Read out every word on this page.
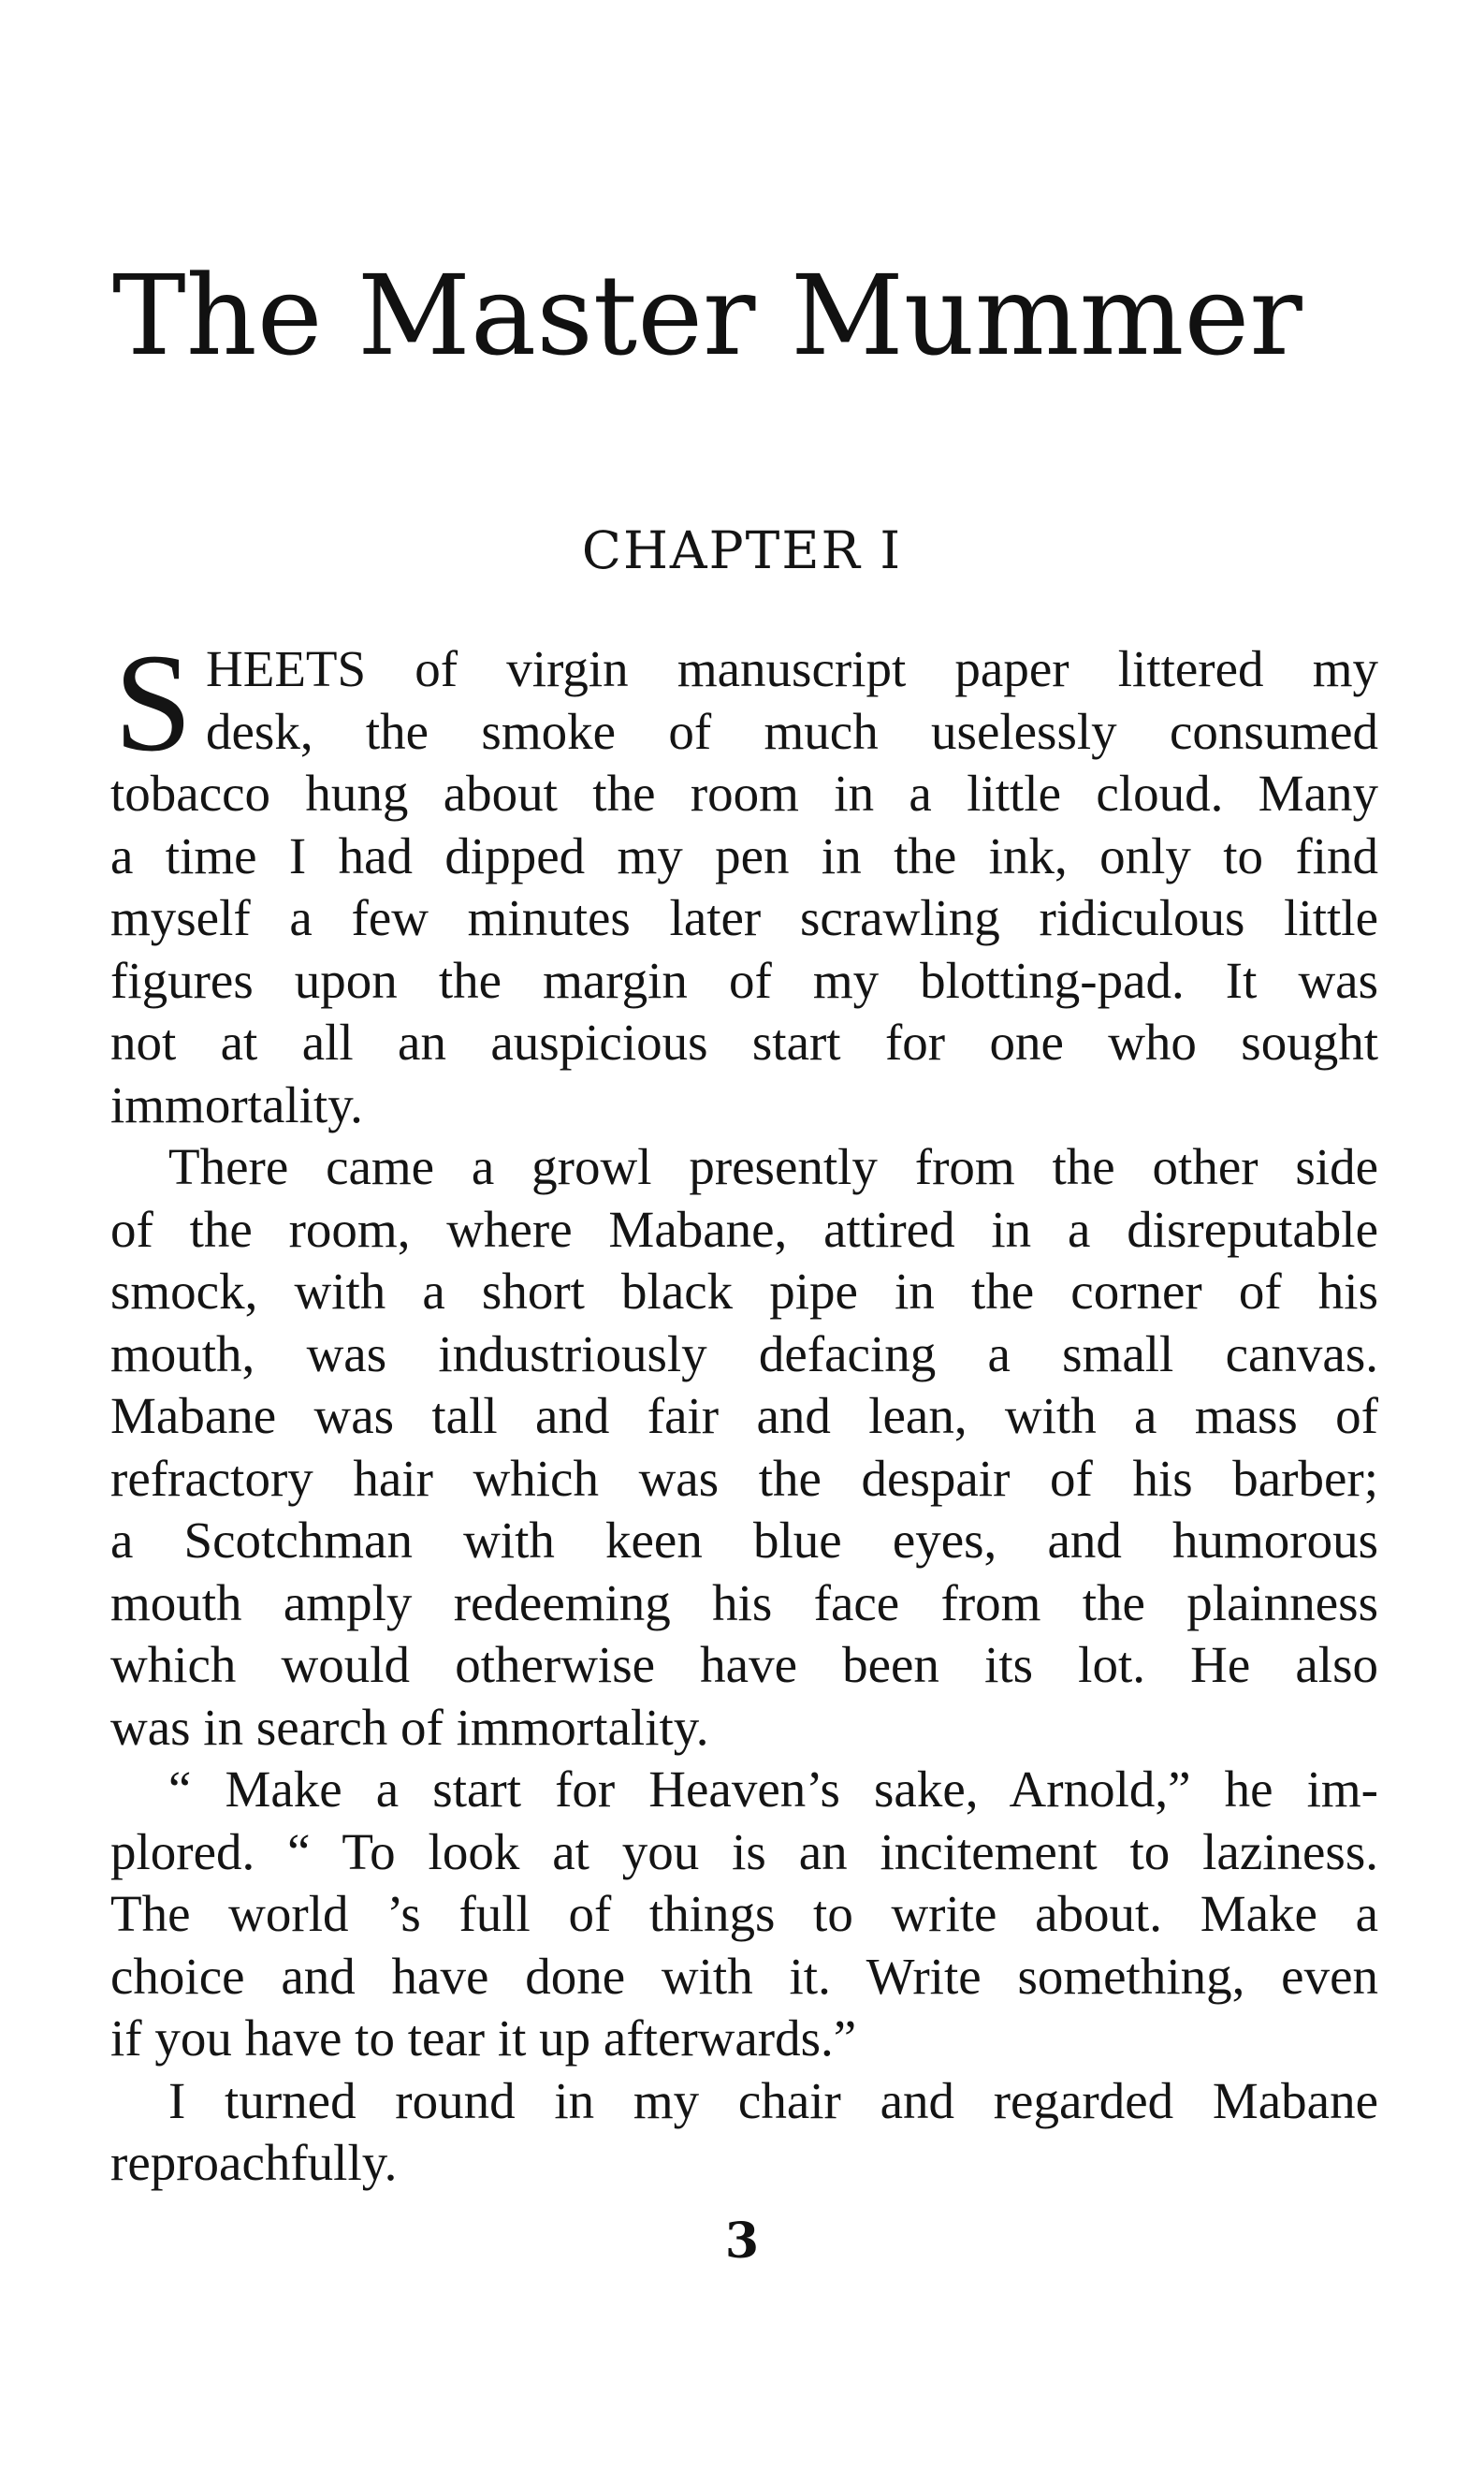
The Master Mummer
CHAPTER I
S HEETS of virgin manuscript paper littered my
desk, the smoke of much uselessly consumed
tobacco hung about the room in a little cloud. Many
a time I had dipped my pen in the ink, only to find
myself a few minutes later scrawling ridiculous little
figures upon the margin of my blotting-pad. It was
not at all an auspicious start for one who sought
immortality.
There came a growl presently from the other side
of the room, where Mabane, attired in a disreputable
smock, with a short black pipe in the corner of his
mouth, was industriously defacing a small canvas.
Mabane was tall and fair and lean, with a mass of
refractory hair which was the despair of his barber;
a Scotchman with keen blue eyes, and humorous
mouth amply redeeming his face from the plainness
which would otherwise have been its lot. He also
was in search of immortality.
“ Make a start for Heaven’s sake, Arnold,” he im-
plored. “ To look at you is an incitement to laziness.
The world ’s full of things to write about. Make a
choice and have done with it. Write something, even
if you have to tear it up afterwards.”
I turned round in my chair and regarded Mabane
reproachfully.
3
